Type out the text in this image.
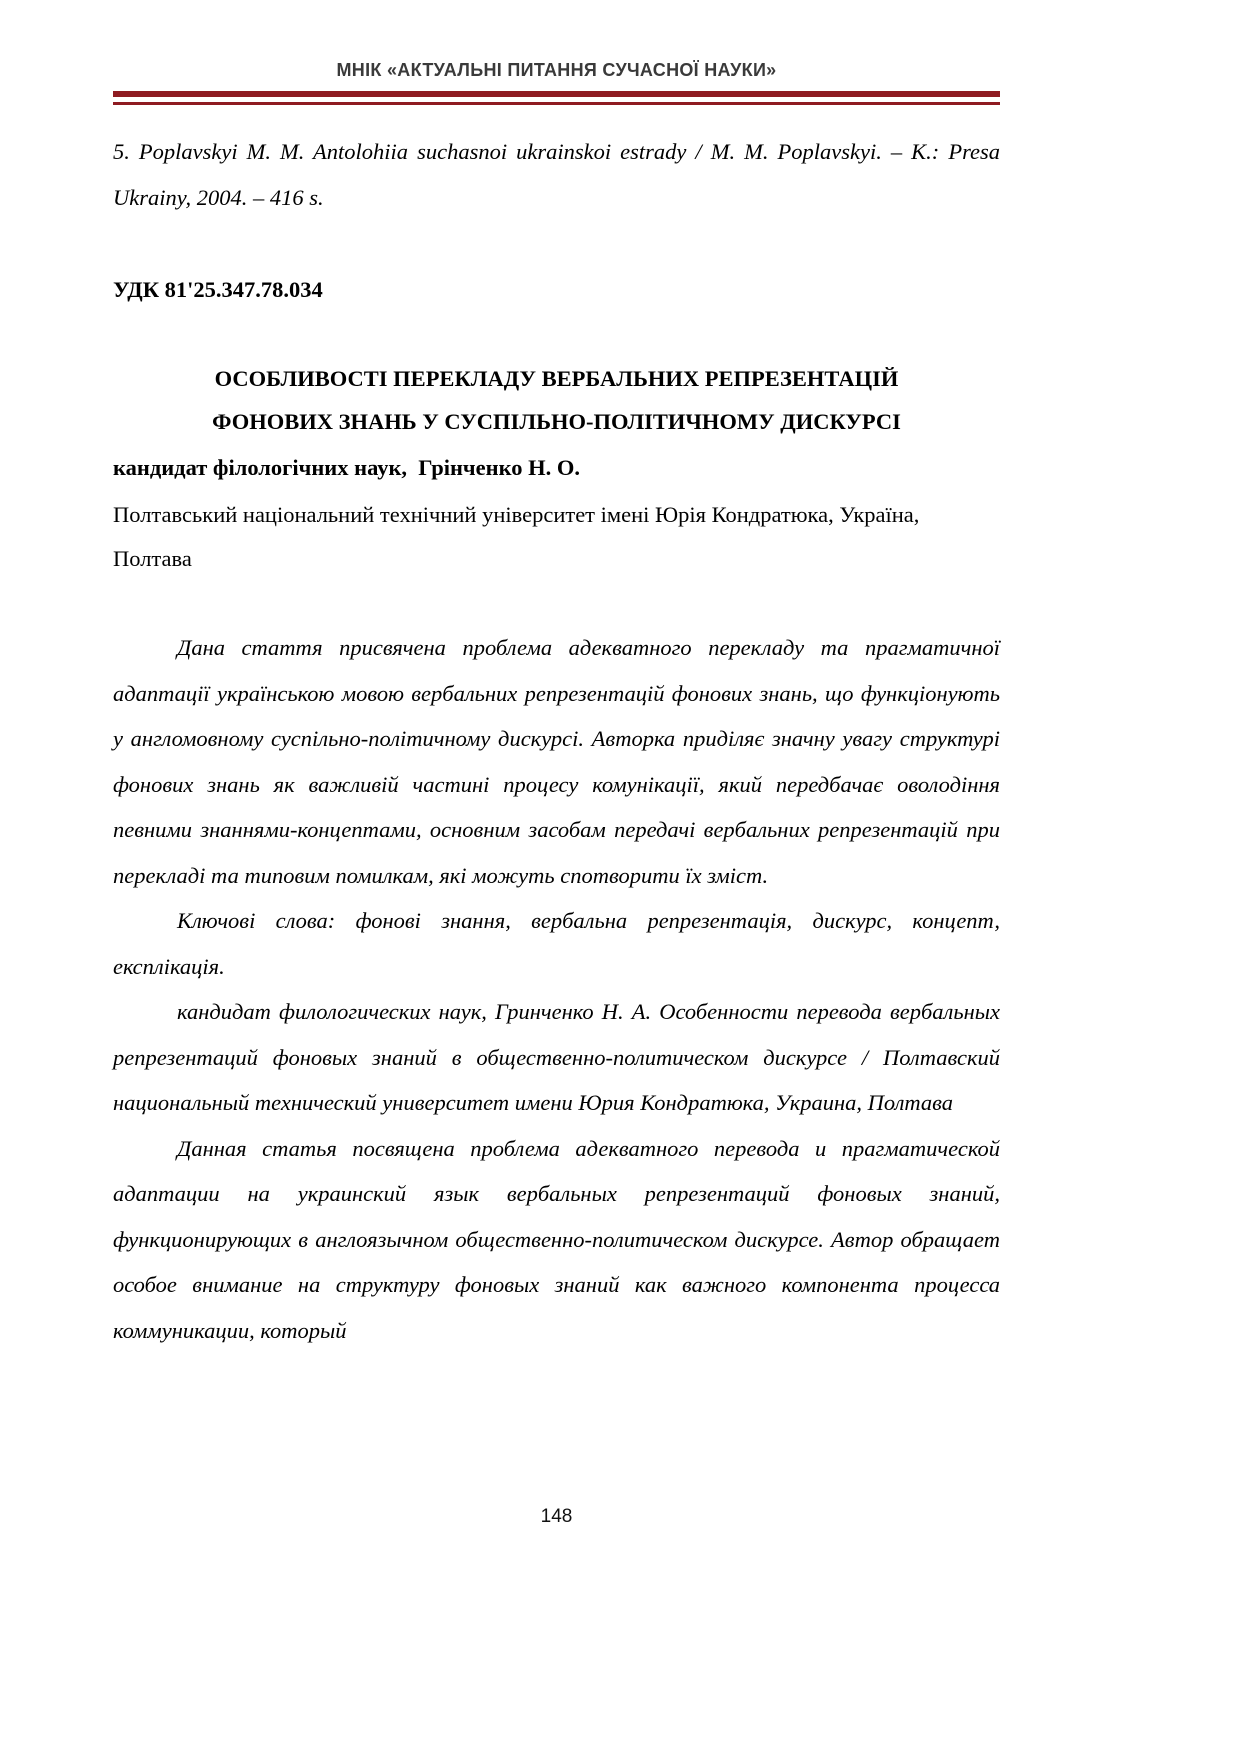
МНІК «АКТУАЛЬНІ ПИТАННЯ СУЧАСНОЇ НАУКИ»

5. Poplavskyi M. M. Antolohiia suchasnoi ukrainskoi estrady / M. M. Poplavskyi. – K.: Presa Ukrainy, 2004. – 416 s.

УДК 81'25.347.78.034

ОСОБЛИВОСТІ ПЕРЕКЛАДУ ВЕРБАЛЬНИХ РЕПРЕЗЕНТАЦІЙ
ФОНОВИХ ЗНАНЬ У СУСПІЛЬНО-ПОЛІТИЧНОМУ ДИСКУРСІ

кандидат філологічних наук,  Грінченко Н. О.

Полтавський національний технічний університет імені Юрія Кондратюка, Україна, Полтава

Дана стаття присвячена проблема адекватного перекладу та прагматичної адаптації українською мовою вербальних репрезентацій фонових знань, що функціонують у англомовному суспільно-політичному дискурсі. Авторка приділяє значну увагу структурі фонових знань як важливій частині процесу комунікації, який передбачає оволодіння певними знаннями-концептами, основним засобам передачі вербальних репрезентацій при перекладі та типовим помилкам, які можуть спотворити їх зміст.

Ключові слова: фонові знання, вербальна репрезентація, дискурс, концепт, експлікація.

кандидат филологических наук, Гринченко Н. А. Особенности перевода вербальных репрезентаций фоновых знаний в общественно-политическом дискурсе / Полтавский национальный технический университет имени Юрия Кондратюка, Украина, Полтава

Данная статья посвящена проблема адекватного перевода и прагматической адаптации на украинский язык вербальных репрезентаций фоновых знаний, функционирующих в англоязычном общественно-политическом дискурсе. Автор обращает особое внимание на структуру фоновых знаний как важного компонента процесса коммуникации, который

148
